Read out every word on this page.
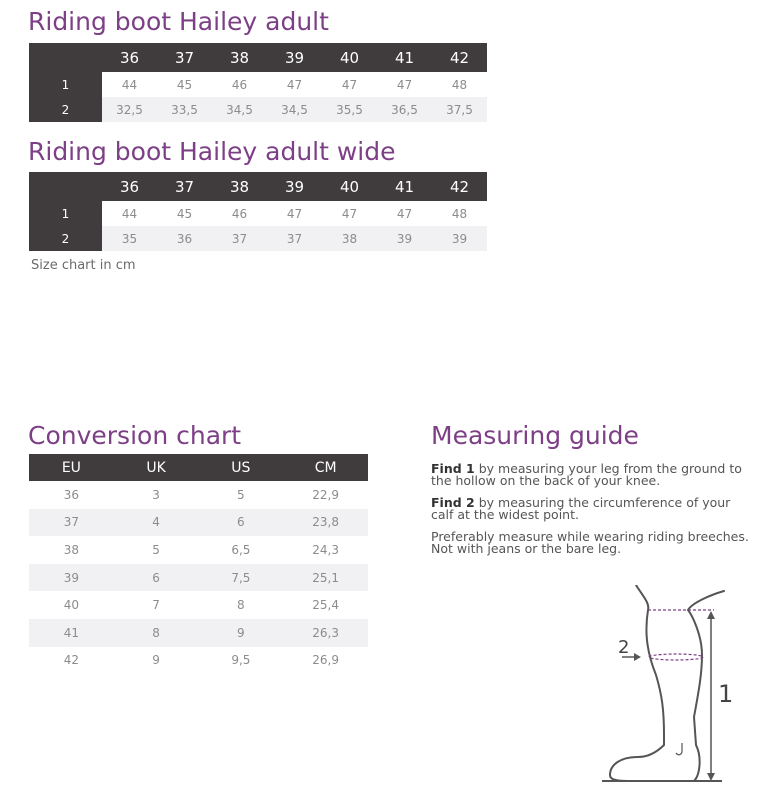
Riding boot Hailey adult
	36	37	38	39	40	41	42
1	44	45	46	47	47	47	48
2	32,5	33,5	34,5	34,5	35,5	36,5	37,5
Riding boot Hailey adult wide
	36	37	38	39	40	41	42
1	44	45	46	47	47	47	48
2	35	36	37	37	38	39	39
Size chart in cm
Conversion chart
EU	UK	US	CM
36	3	5	22,9
37	4	6	23,8
38	5	6,5	24,3
39	6	7,5	25,1
40	7	8	25,4
41	8	9	26,3
42	9	9,5	26,9
Measuring guide

Find 1 by measuring your leg from the ground to the hollow on the back of your knee.

Find 2 by measuring the circumference of your calf at the widest point.

Preferably measure while wearing riding breeches. Not with jeans or the bare leg.

1
2
